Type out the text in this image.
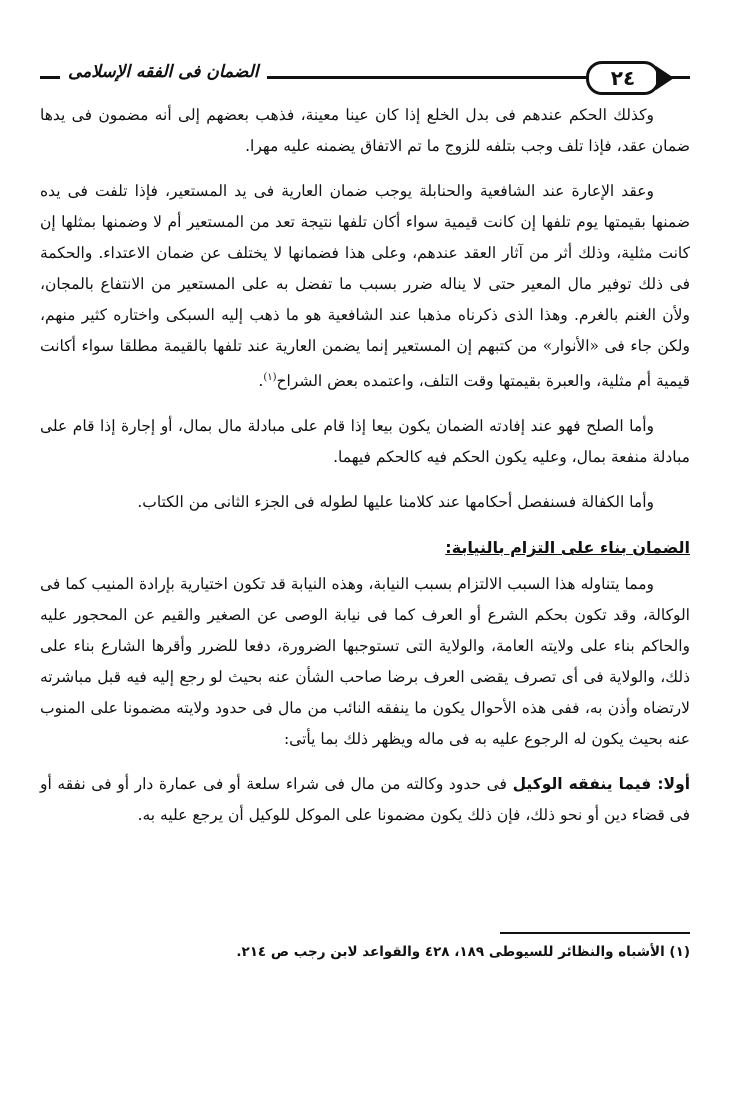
الضمان فى الفقه الإسلامى	٢٤

وكذلك الحكم عندهم فى بدل الخلع إذا كان عينا معينة، فذهب بعضهم إلى أنه مضمون فى يدها ضمان عقد، فإذا تلف وجب بتلفه للزوج ما تم الاتفاق يضمنه عليه مهرا.

وعقد الإعارة عند الشافعية والحنابلة يوجب ضمان العارية فى يد المستعير، فإذا تلفت فى يده ضمنها بقيمتها يوم تلفها إن كانت قيمية سواء أكان تلفها نتيجة تعد من المستعير أم لا وضمنها بمثلها إن كانت مثلية، وذلك أثر من آثار العقد عندهم، وعلى هذا فضمانها لا يختلف عن ضمان الاعتداء. والحكمة فى ذلك توفير مال المعير حتى لا يناله ضرر بسبب ما تفضل به على المستعير من الانتفاع بالمجان، ولأن الغنم بالغرم. وهذا الذى ذكرناه مذهبا عند الشافعية هو ما ذهب إليه السبكى واختاره كثير منهم، ولكن جاء فى «الأنوار» من كتبهم إن المستعير إنما يضمن العارية عند تلفها بالقيمة مطلقا سواء أكانت قيمية أم مثلية، والعبرة بقيمتها وقت التلف، واعتمده بعض الشراح$^{(١)}$.

وأما الصلح فهو عند إفادته الضمان يكون بيعا إذا قام على مبادلة مال بمال، أو إجارة إذا قام على مبادلة منفعة بمال، وعليه يكون الحكم فيه كالحكم فيهما.

وأما الكفالة فسنفصل أحكامها عند كلامنا عليها لطوله فى الجزء الثانى من الكتاب.

الضمان بناء على التزام بالنيابة:

ومما يتناوله هذا السبب الالتزام بسبب النيابة، وهذه النيابة قد تكون اختيارية بإرادة المنيب كما فى الوكالة، وقد تكون بحكم الشرع أو العرف كما فى نيابة الوصى عن الصغير والقيم عن المحجور عليه والحاكم بناء على ولايته العامة، والولاية التى تستوجبها الضرورة، دفعا للضرر وأقرها الشارع بناء على ذلك، والولاية فى أى تصرف يقضى العرف برضا صاحب الشأن عنه بحيث لو رجع إليه فيه قبل مباشرته لارتضاه وأذن به، ففى هذه الأحوال يكون ما ينفقه النائب من مال فى حدود ولايته مضمونا على المنوب عنه بحيث يكون له الرجوع عليه به فى ماله ويظهر ذلك بما يأتى:

أولا: فيما ينفقه الوكيل فى حدود وكالته من مال فى شراء سلعة أو فى عمارة دار أو فى نفقه أو فى قضاء دين أو نحو ذلك، فإن ذلك يكون مضمونا على الموكل للوكيل أن يرجع عليه به.

(١) الأشباه والنظائر للسيوطى ١٨٩، ٤٢٨ والقواعد لابن رجب ص ٢١٤.
